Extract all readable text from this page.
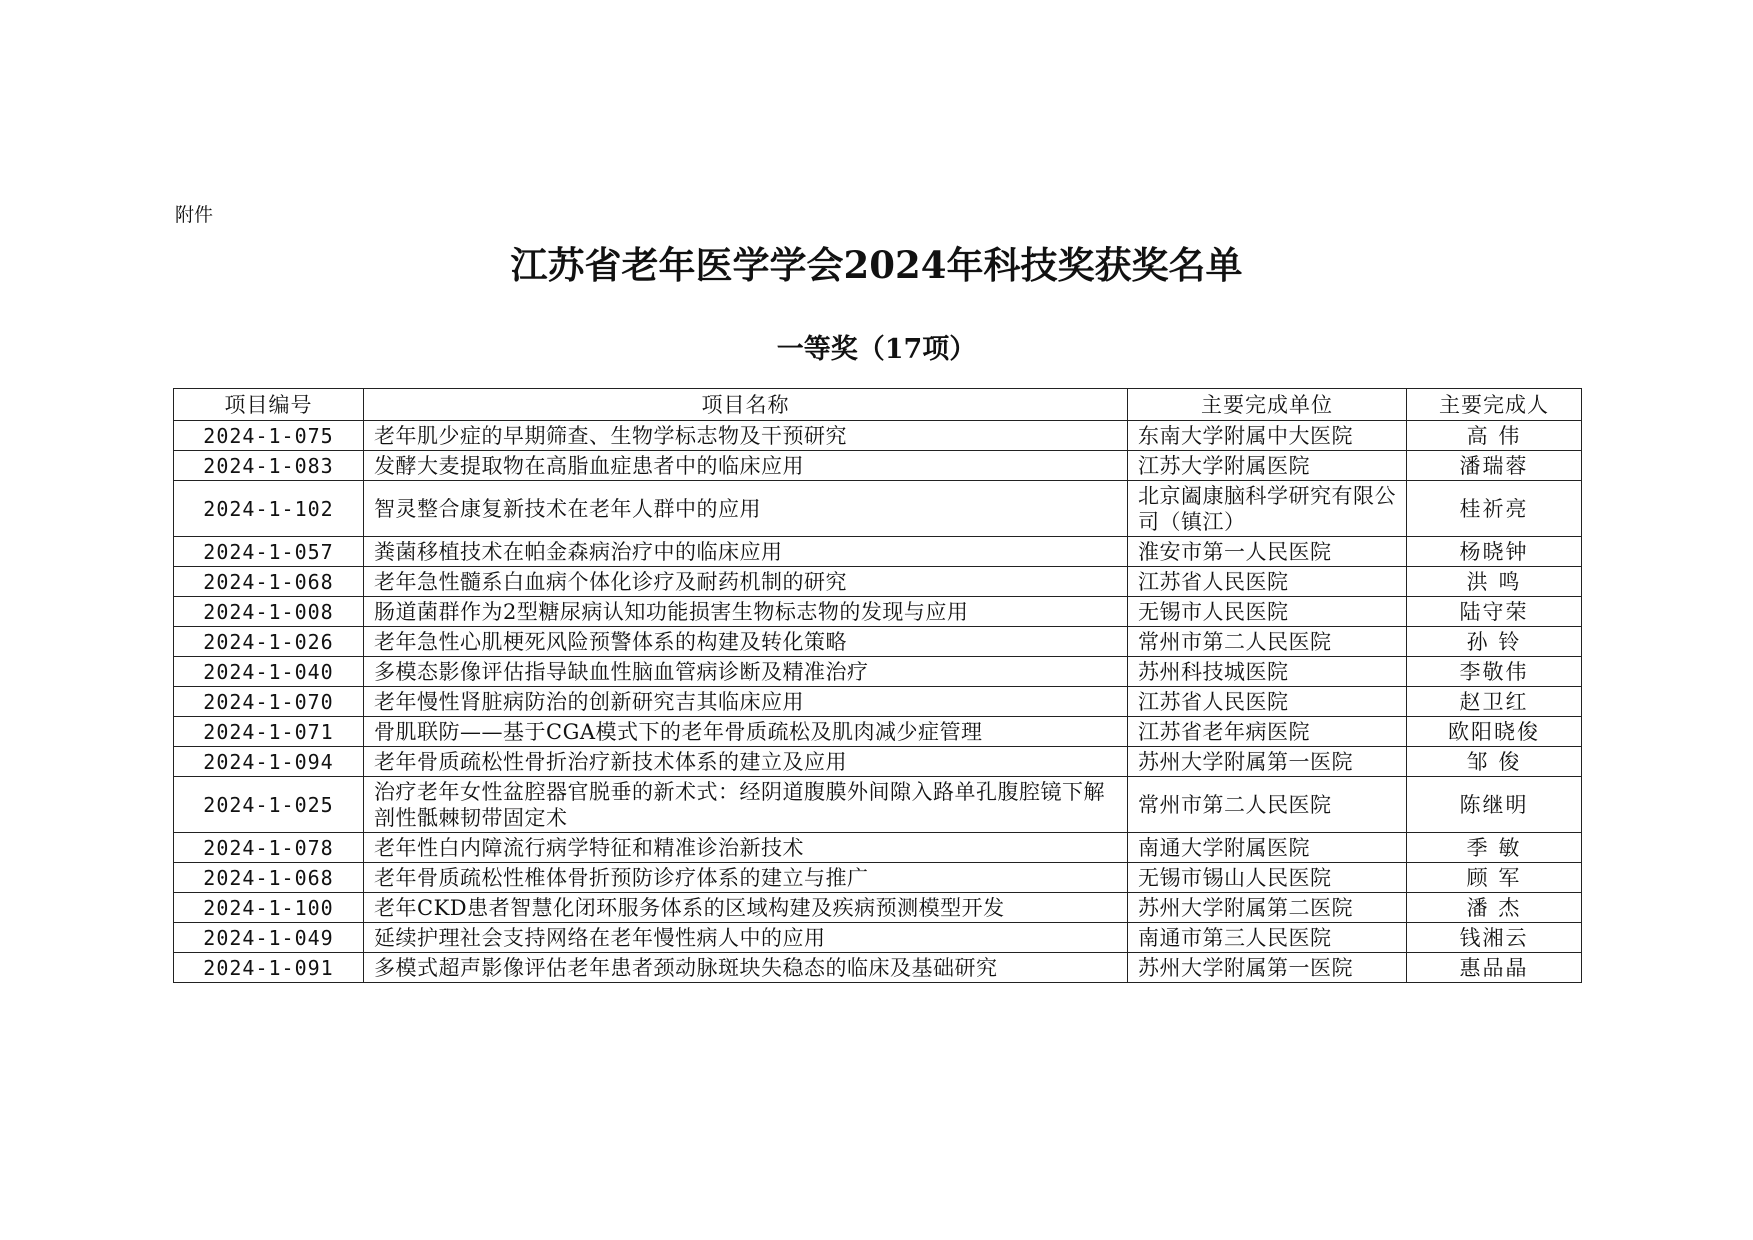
附件
江苏省老年医学学会2024年科技奖获奖名单
一等奖（17项）
项目编号	项目名称	主要完成单位	主要完成人
2024-1-075	老年肌少症的早期筛查、生物学标志物及干预研究	东南大学附属中大医院	高 伟
2024-1-083	发酵大麦提取物在高脂血症患者中的临床应用	江苏大学附属医院	潘瑞蓉
2024-1-102	智灵整合康复新技术在老年人群中的应用	北京阖康脑科学研究有限公司（镇江）	桂祈亮
2024-1-057	粪菌移植技术在帕金森病治疗中的临床应用	淮安市第一人民医院	杨晓钟
2024-1-068	老年急性髓系白血病个体化诊疗及耐药机制的研究	江苏省人民医院	洪 鸣
2024-1-008	肠道菌群作为2型糖尿病认知功能损害生物标志物的发现与应用	无锡市人民医院	陆守荣
2024-1-026	老年急性心肌梗死风险预警体系的构建及转化策略	常州市第二人民医院	孙 铃
2024-1-040	多模态影像评估指导缺血性脑血管病诊断及精准治疗	苏州科技城医院	李敬伟
2024-1-070	老年慢性肾脏病防治的创新研究吉其临床应用	江苏省人民医院	赵卫红
2024-1-071	骨肌联防——基于CGA模式下的老年骨质疏松及肌肉减少症管理	江苏省老年病医院	欧阳晓俊
2024-1-094	老年骨质疏松性骨折治疗新技术体系的建立及应用	苏州大学附属第一医院	邹 俊
2024-1-025	治疗老年女性盆腔器官脱垂的新术式：经阴道腹膜外间隙入路单孔腹腔镜下解剖性骶棘韧带固定术	常州市第二人民医院	陈继明
2024-1-078	老年性白内障流行病学特征和精准诊治新技术	南通大学附属医院	季 敏
2024-1-068	老年骨质疏松性椎体骨折预防诊疗体系的建立与推广	无锡市锡山人民医院	顾 军
2024-1-100	老年CKD患者智慧化闭环服务体系的区域构建及疾病预测模型开发	苏州大学附属第二医院	潘 杰
2024-1-049	延续护理社会支持网络在老年慢性病人中的应用	南通市第三人民医院	钱湘云
2024-1-091	多模式超声影像评估老年患者颈动脉斑块失稳态的临床及基础研究	苏州大学附属第一医院	惠品晶
